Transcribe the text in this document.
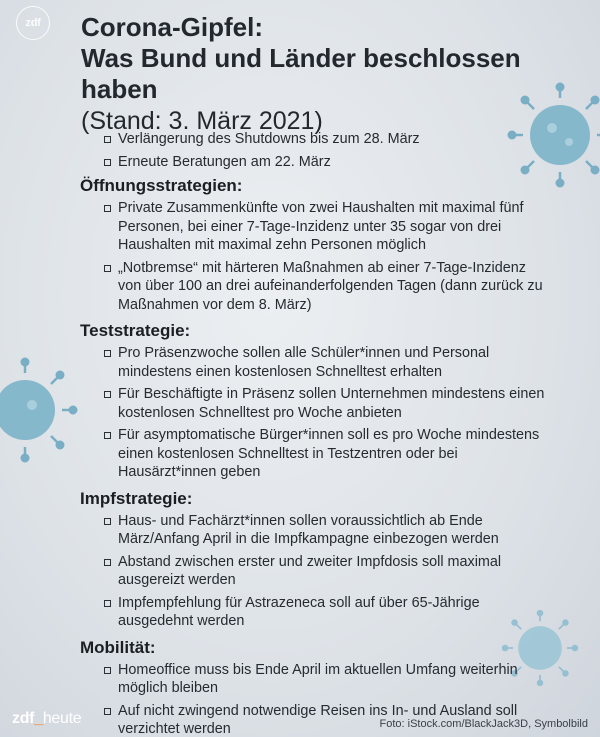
zdf Corona-Gipfel:
Was Bund und Länder beschlossen haben
(Stand: 3. März 2021)
Verlängerung des Shutdowns bis zum 28. März
Erneute Beratungen am 22. März
Öffnungsstrategien:
Private Zusammenkünfte von zwei Haushalten mit maximal fünf Personen, bei einer 7-Tage-Inzidenz unter 35 sogar von drei Haushalten mit maximal zehn Personen möglich
„Notbremse“ mit härteren Maßnahmen ab einer 7-Tage-Inzidenz von über 100 an drei aufeinanderfolgenden Tagen (dann zurück zu Maßnahmen vor dem 8. März)
Teststrategie:
Pro Präsenzwoche sollen alle Schüler*innen und Personal mindestens einen kostenlosen Schnelltest erhalten
Für Beschäftigte in Präsenz sollen Unternehmen mindestens einen kostenlosen Schnelltest pro Woche anbieten
Für asymptomatische Bürger*innen soll es pro Woche mindestens einen kostenlosen Schnelltest in Testzentren oder bei Hausärzt*innen geben
Impfstrategie:
Haus- und Fachärzt*innen sollen voraussichtlich ab Ende März/Anfang April in die Impfkampagne einbezogen werden
Abstand zwischen erster und zweiter Impfdosis soll maximal ausgereizt werden
Impfempfehlung für Astrazeneca soll auf über 65-Jährige ausgedehnt werden
Mobilität:
Homeoffice muss bis Ende April im aktuellen Umfang weiterhin möglich bleiben
Auf nicht zwingend notwendige Reisen ins In- und Ausland soll verzichtet werden
zdf_heute	Foto: iStock.com/BlackJack3D, Symbolbild
